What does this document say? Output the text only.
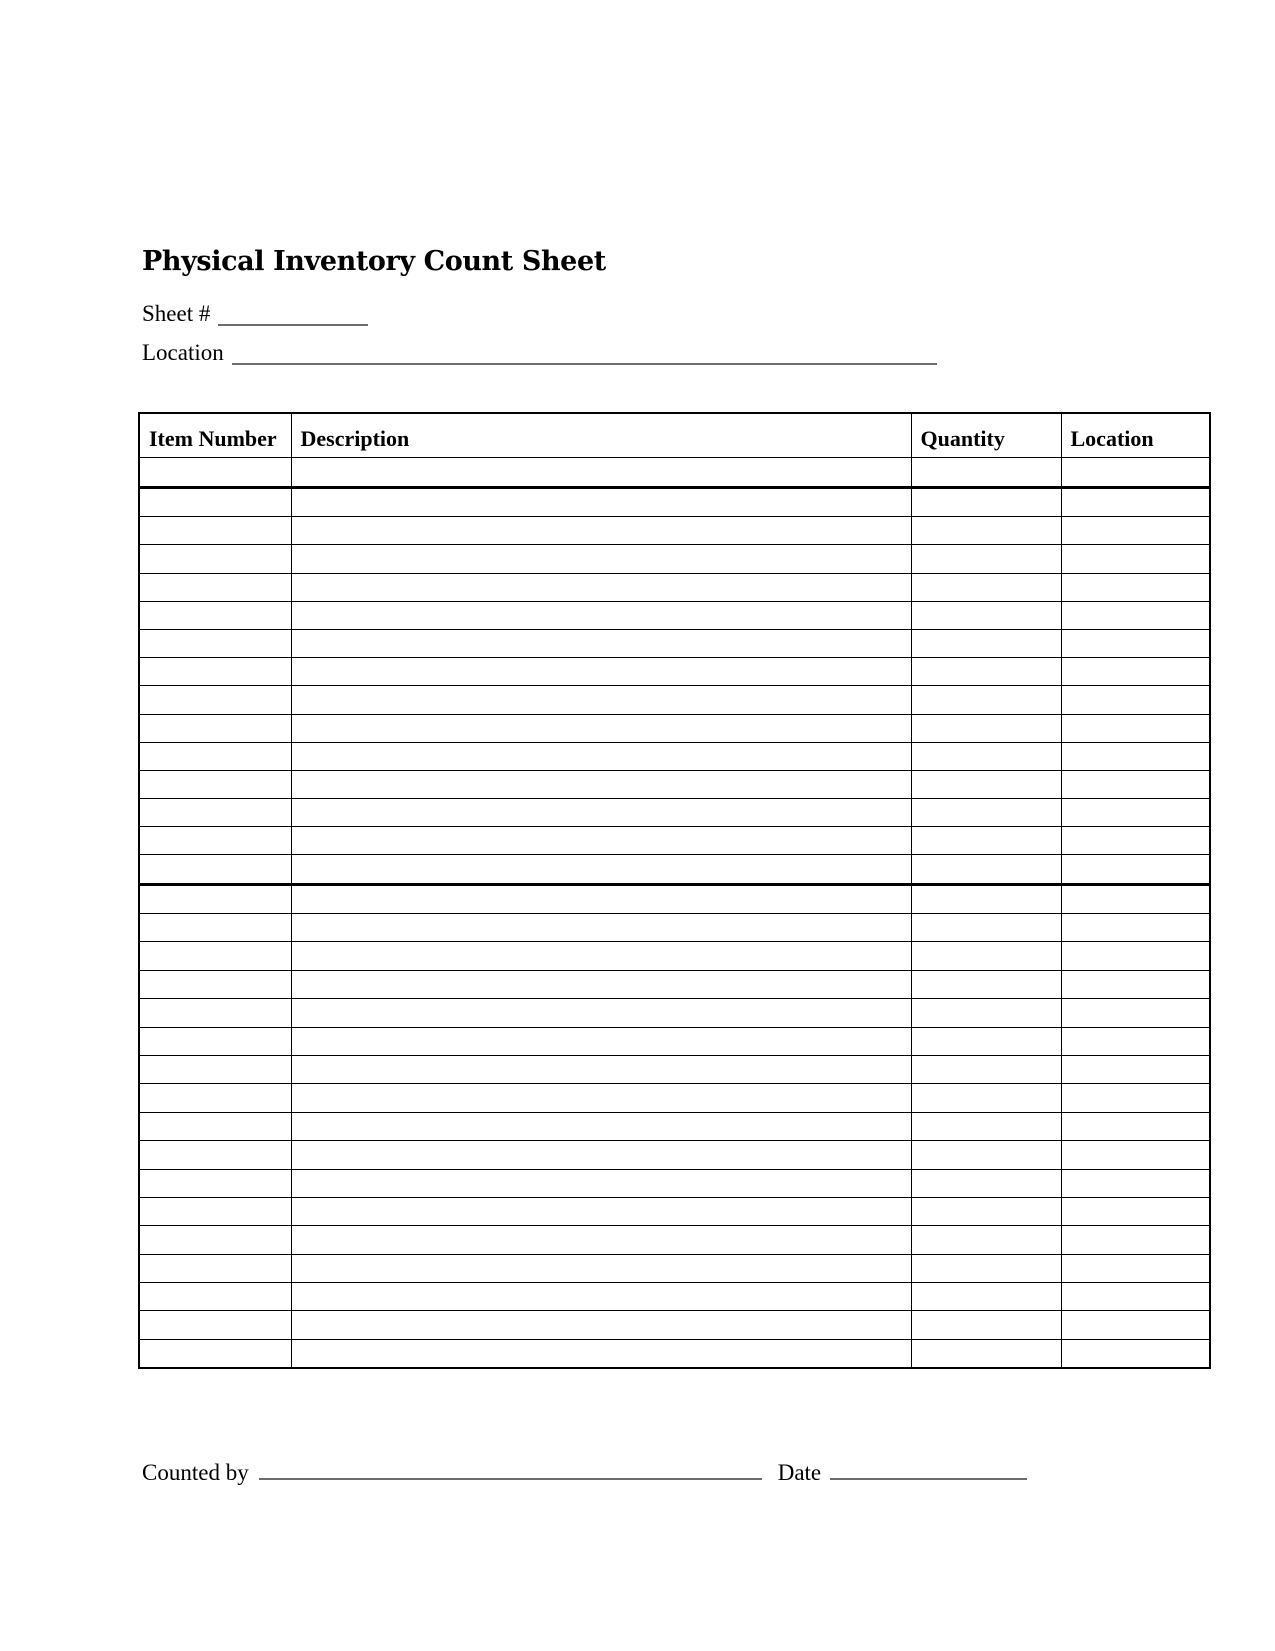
Physical Inventory Count Sheet
Sheet #
Location
Item Number	Description	Quantity	Location

Counted by	Date
